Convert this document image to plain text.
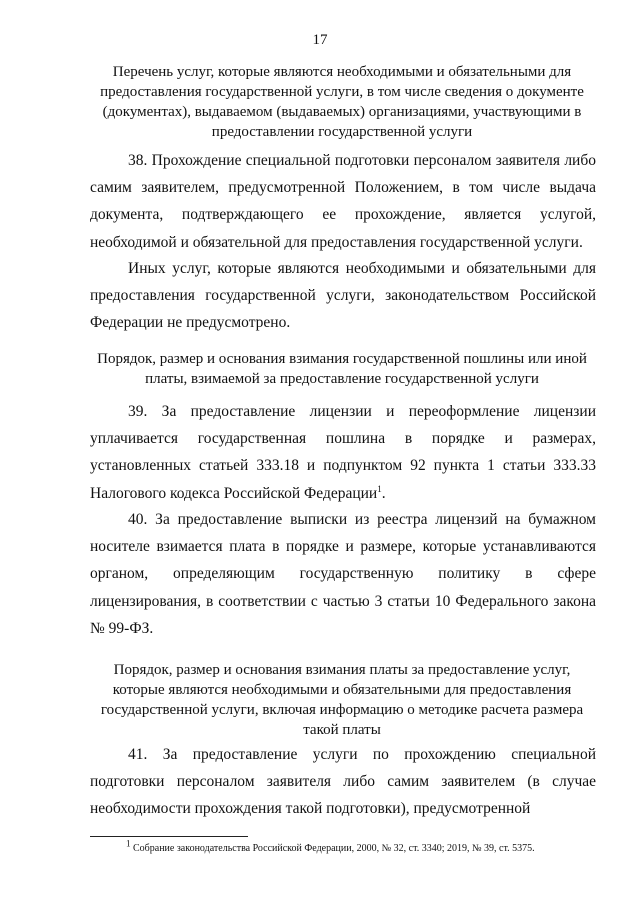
17
Перечень услуг, которые являются необходимыми и обязательными для предоставления государственной услуги, в том числе сведения о документе (документах), выдаваемом (выдаваемых) организациями, участвующими в предоставлении государственной услуги

38. Прохождение специальной подготовки персоналом заявителя либо самим заявителем, предусмотренной Положением, в том числе выдача документа, подтверждающего ее прохождение, является услугой, необходимой и обязательной для предоставления государственной услуги.

Иных услуг, которые являются необходимыми и обязательными для предоставления государственной услуги, законодательством Российской Федерации не предусмотрено.

Порядок, размер и основания взимания государственной пошлины или иной платы, взимаемой за предоставление государственной услуги

39. За предоставление лицензии и переоформление лицензии уплачивается государственная пошлина в порядке и размерах, установленных статьей 333.18 и подпунктом 92 пункта 1 статьи 333.33 Налогового кодекса Российской Федерации$^1$.

40. За предоставление выписки из реестра лицензий на бумажном носителе взимается плата в порядке и размере, которые устанавливаются органом, определяющим государственную политику в сфере лицензирования, в соответствии с частью 3 статьи 10 Федерального закона № 99-ФЗ.

Порядок, размер и основания взимания платы за предоставление услуг, которые являются необходимыми и обязательными для предоставления государственной услуги, включая информацию о методике расчета размера такой платы

41. За предоставление услуги по прохождению специальной подготовки персоналом заявителя либо самим заявителем (в случае необходимости прохождения такой подготовки), предусмотренной

$^1$ Собрание законодательства Российской Федерации, 2000, № 32, ст. 3340; 2019, № 39, ст. 5375.
